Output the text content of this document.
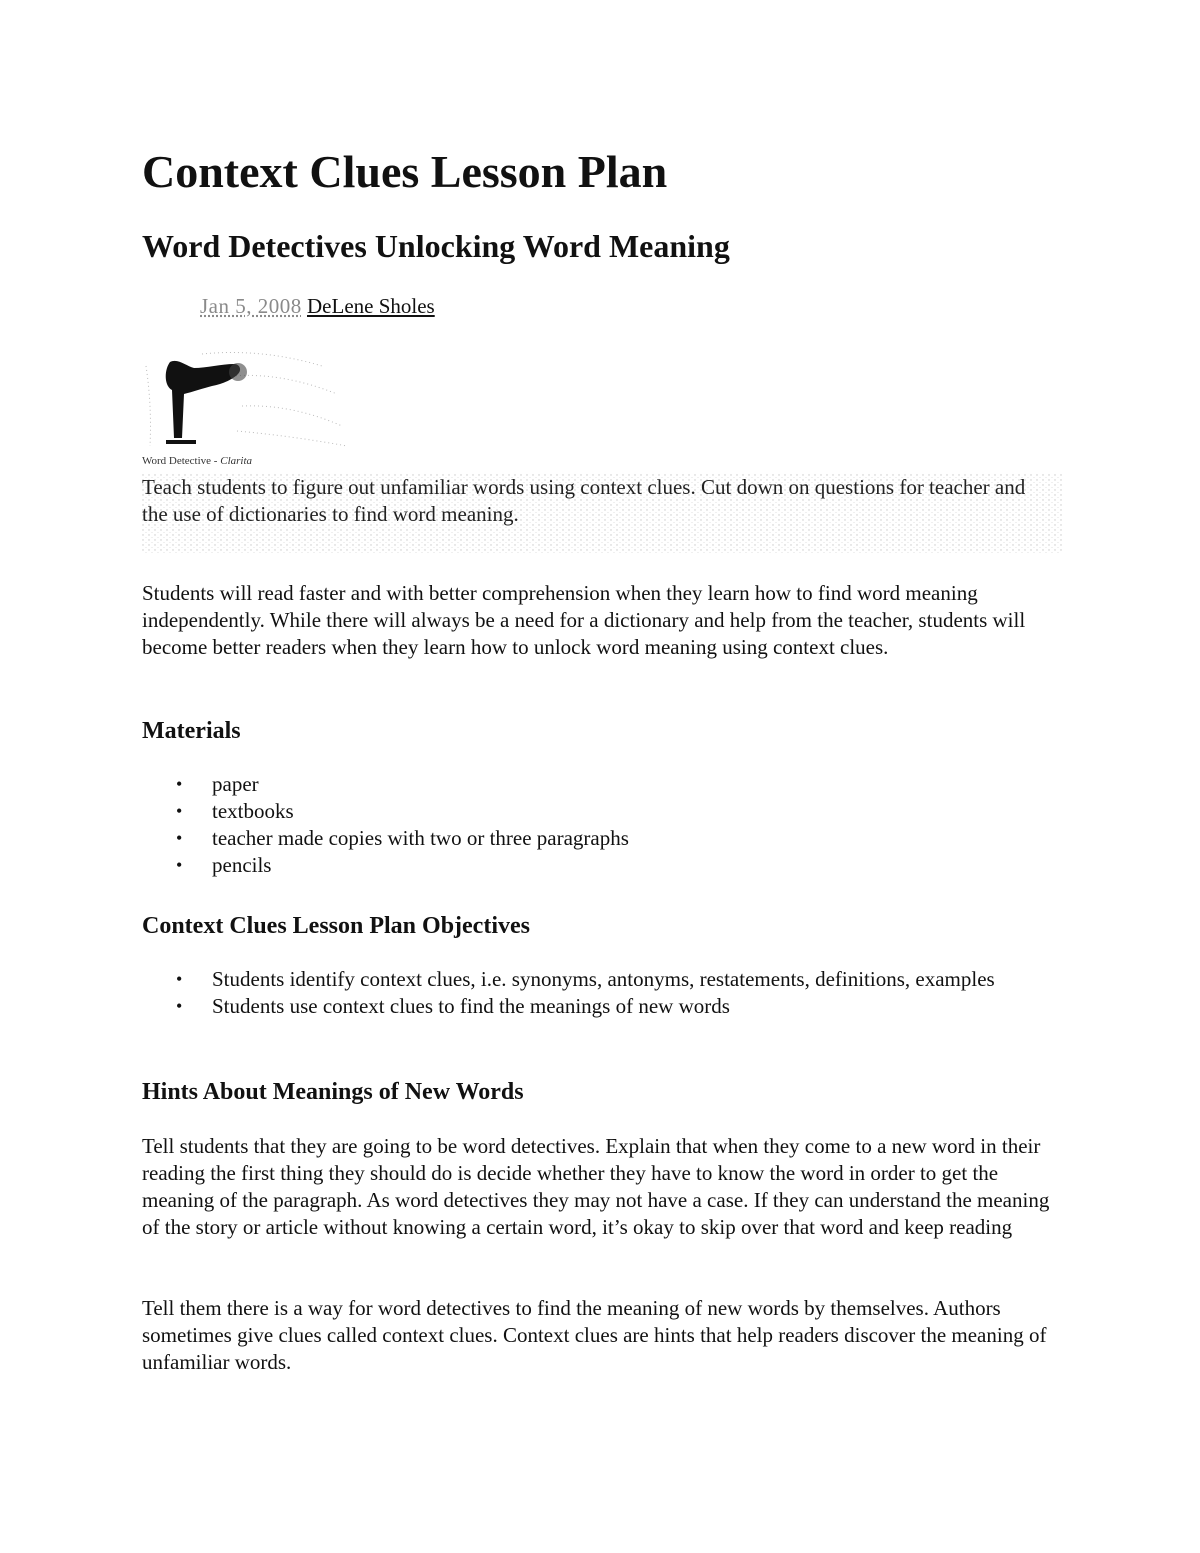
Context Clues Lesson Plan
Word Detectives Unlocking Word Meaning
Jan 5, 2008 DeLene Sholes
Word Detective - Clarita

Teach students to figure out unfamiliar words using context clues. Cut down on questions for teacher and the use of dictionaries to find word meaning.

Students will read faster and with better comprehension when they learn how to find word meaning independently. While there will always be a need for a dictionary and help from the teacher, students will become better readers when they learn how to unlock word meaning using context clues.

Materials
• paper
• textbooks
• teacher made copies with two or three paragraphs
• pencils
Context Clues Lesson Plan Objectives
• Students identify context clues, i.e. synonyms, antonyms, restatements, definitions, examples
• Students use context clues to find the meanings of new words
Hints About Meanings of New Words

Tell students that they are going to be word detectives. Explain that when they come to a new word in their reading the first thing they should do is decide whether they have to know the word in order to get the meaning of the paragraph. As word detectives they may not have a case. If they can understand the meaning of the story or article without knowing a certain word, it’s okay to skip over that word and keep reading

Tell them there is a way for word detectives to find the meaning of new words by themselves. Authors sometimes give clues called context clues. Context clues are hints that help readers discover the meaning of unfamiliar words.
